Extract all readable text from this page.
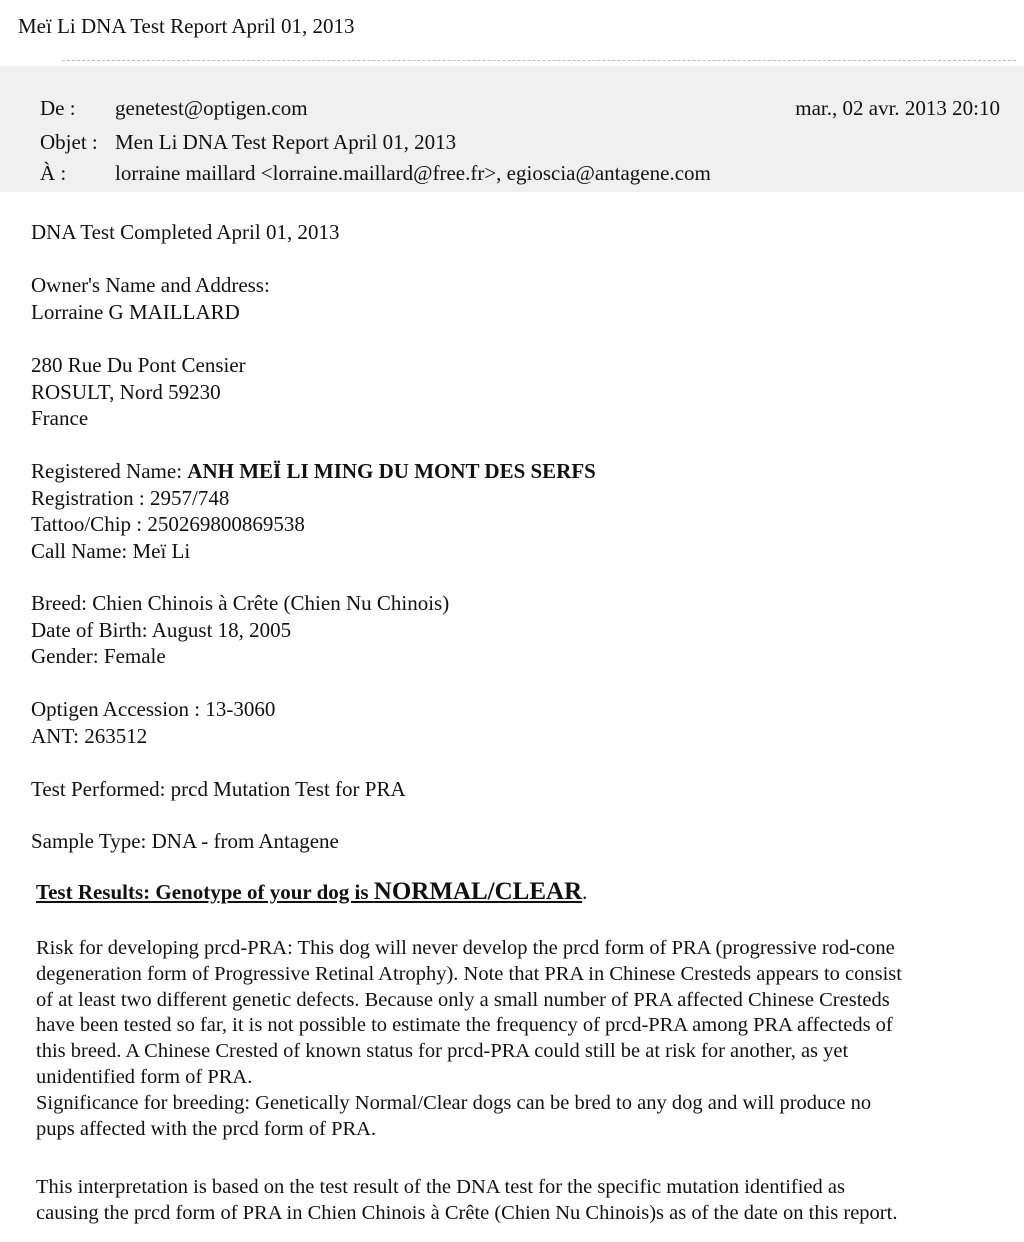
Meï Li DNA Test Report April 01, 2013
De : genetest@optigen.com	mar., 02 avr. 2013 20:10
Objet : Men Li DNA Test Report April 01, 2013
À : lorraine maillard <lorraine.maillard@free.fr>, egioscia@antagene.com
DNA Test Completed April 01, 2013
Owner's Name and Address:
Lorraine G MAILLARD
280 Rue Du Pont Censier
ROSULT, Nord 59230
France
Registered Name: ANH MEÏ LI MING DU MONT DES SERFS
Registration : 2957/748
Tattoo/Chip : 250269800869538
Call Name: Meï Li
Breed: Chien Chinois à Crête (Chien Nu Chinois)
Date of Birth: August 18, 2005
Gender: Female
Optigen Accession : 13-3060
ANT: 263512
Test Performed: prcd Mutation Test for PRA
Sample Type: DNA - from Antagene
Test Results: Genotype of your dog is NORMAL/CLEAR.
Risk for developing prcd-PRA: This dog will never develop the prcd form of PRA (progressive rod-cone
degeneration form of Progressive Retinal Atrophy). Note that PRA in Chinese Cresteds appears to consist
of at least two different genetic defects. Because only a small number of PRA affected Chinese Cresteds
have been tested so far, it is not possible to estimate the frequency of prcd-PRA among PRA affecteds of
this breed. A Chinese Crested of known status for prcd-PRA could still be at risk for another, as yet
unidentified form of PRA.
Significance for breeding: Genetically Normal/Clear dogs can be bred to any dog and will produce no
pups affected with the prcd form of PRA.
This interpretation is based on the test result of the DNA test for the specific mutation identified as
causing the prcd form of PRA in Chien Chinois à Crête (Chien Nu Chinois)s as of the date on this report.
